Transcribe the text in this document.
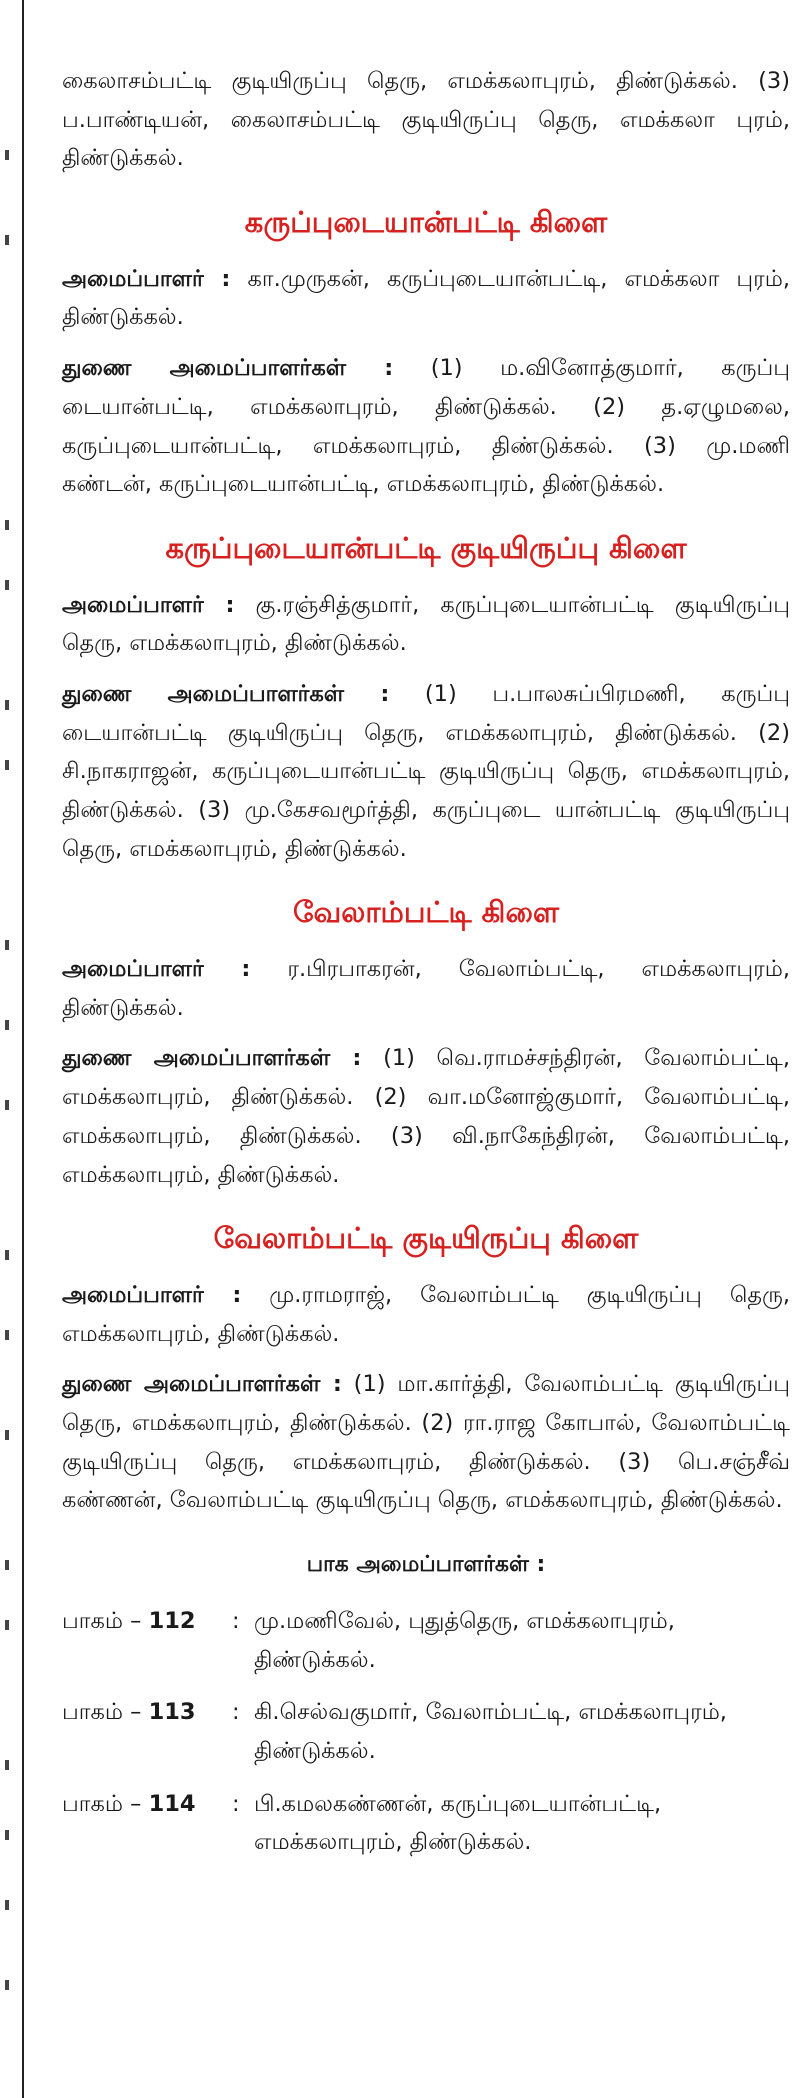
கைலாசம்பட்டி குடியிருப்பு தெரு, எமக்கலாபுரம், திண்டுக்கல். (3) ப.பாண்டியன், கைலாசம்பட்டி குடியிருப்பு தெரு, எமக்கலா புரம், திண்டுக்கல்.

கருப்புடையான்பட்டி கிளை

அமைப்பாளர் : கா.முருகன், கருப்புடையான்பட்டி, எமக்கலா புரம், திண்டுக்கல்.

துணை அமைப்பாளர்கள் : (1) ம.வினோத்குமார், கருப்பு டையான்பட்டி, எமக்கலாபுரம், திண்டுக்கல். (2) த.ஏழுமலை, கருப்புடையான்பட்டி, எமக்கலாபுரம், திண்டுக்கல். (3) மு.மணி கண்டன், கருப்புடையான்பட்டி, எமக்கலாபுரம், திண்டுக்கல்.

கருப்புடையான்பட்டி குடியிருப்பு கிளை

அமைப்பாளர் : கு.ரஞ்சித்குமார், கருப்புடையான்பட்டி குடியிருப்பு தெரு, எமக்கலாபுரம், திண்டுக்கல்.

துணை அமைப்பாளர்கள் : (1) ப.பாலசுப்பிரமணி, கருப்பு டையான்பட்டி குடியிருப்பு தெரு, எமக்கலாபுரம், திண்டுக்கல். (2) சி.நாகராஜன், கருப்புடையான்பட்டி குடியிருப்பு தெரு, எமக்கலாபுரம், திண்டுக்கல். (3) மு.கேசவமூர்த்தி, கருப்புடை யான்பட்டி குடியிருப்பு தெரு, எமக்கலாபுரம், திண்டுக்கல்.

வேலாம்பட்டி கிளை

அமைப்பாளர் : ர.பிரபாகரன், வேலாம்பட்டி, எமக்கலாபுரம், திண்டுக்கல்.

துணை அமைப்பாளர்கள் : (1) வெ.ராமச்சந்திரன், வேலாம்பட்டி, எமக்கலாபுரம், திண்டுக்கல். (2) வா.மனோஜ்குமார், வேலாம்பட்டி, எமக்கலாபுரம், திண்டுக்கல். (3) வி.நாகேந்திரன், வேலாம்பட்டி, எமக்கலாபுரம், திண்டுக்கல்.

வேலாம்பட்டி குடியிருப்பு கிளை

அமைப்பாளர் : மு.ராமராஜ், வேலாம்பட்டி குடியிருப்பு தெரு, எமக்கலாபுரம், திண்டுக்கல்.

துணை அமைப்பாளர்கள் : (1) மா.கார்த்தி, வேலாம்பட்டி குடியிருப்பு தெரு, எமக்கலாபுரம், திண்டுக்கல். (2) ரா.ராஜ கோபால், வேலாம்பட்டி குடியிருப்பு தெரு, எமக்கலாபுரம், திண்டுக்கல். (3) பெ.சஞ்சீவ் கண்ணன், வேலாம்பட்டி குடியிருப்பு தெரு, எமக்கலாபுரம், திண்டுக்கல்.

பாக அமைப்பாளர்கள் :
பாகம் – 112	: மு.மணிவேல், புதுத்தெரு, எமக்கலாபுரம், திண்டுக்கல்.
பாகம் – 113	: கி.செல்வகுமார், வேலாம்பட்டி, எமக்கலாபுரம், திண்டுக்கல்.
பாகம் – 114	: பி.கமலகண்ணன், கருப்புடையான்பட்டி, எமக்கலாபுரம், திண்டுக்கல்.
